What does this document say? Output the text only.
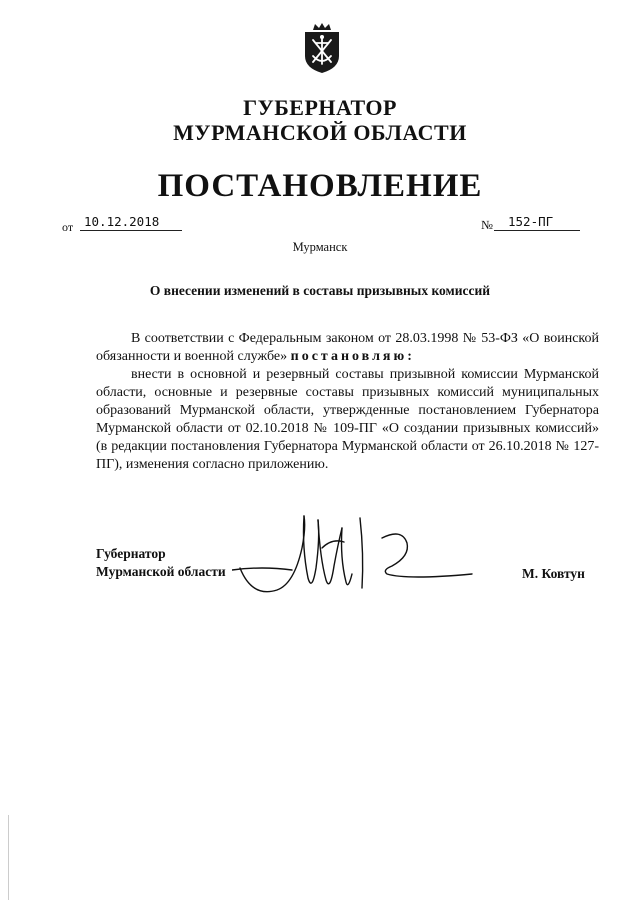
ГУБЕРНАТОР
МУРМАНСКОЙ ОБЛАСТИ
ПОСТАНОВЛЕНИЕ
от 10.12.2018	№	152-ПГ
Мурманск
О внесении изменений в составы призывных комиссий
В соответствии с Федеральным законом от 28.03.1998 № 53-ФЗ «О воинской обязанности и военной службе» постановляю:
внести в основной и резервный составы призывной комиссии Мурманской области, основные и резервные составы призывных комиссий муниципальных образований Мурманской области, утвержденные постановлением Губернатора Мурманской области от 02.10.2018 № 109-ПГ «О создании призывных комиссий» (в редакции постановления Губернатора Мурманской области от 26.10.2018 № 127-ПГ), изменения согласно приложению.
Губернатор
Мурманской области	М. Ковтун
